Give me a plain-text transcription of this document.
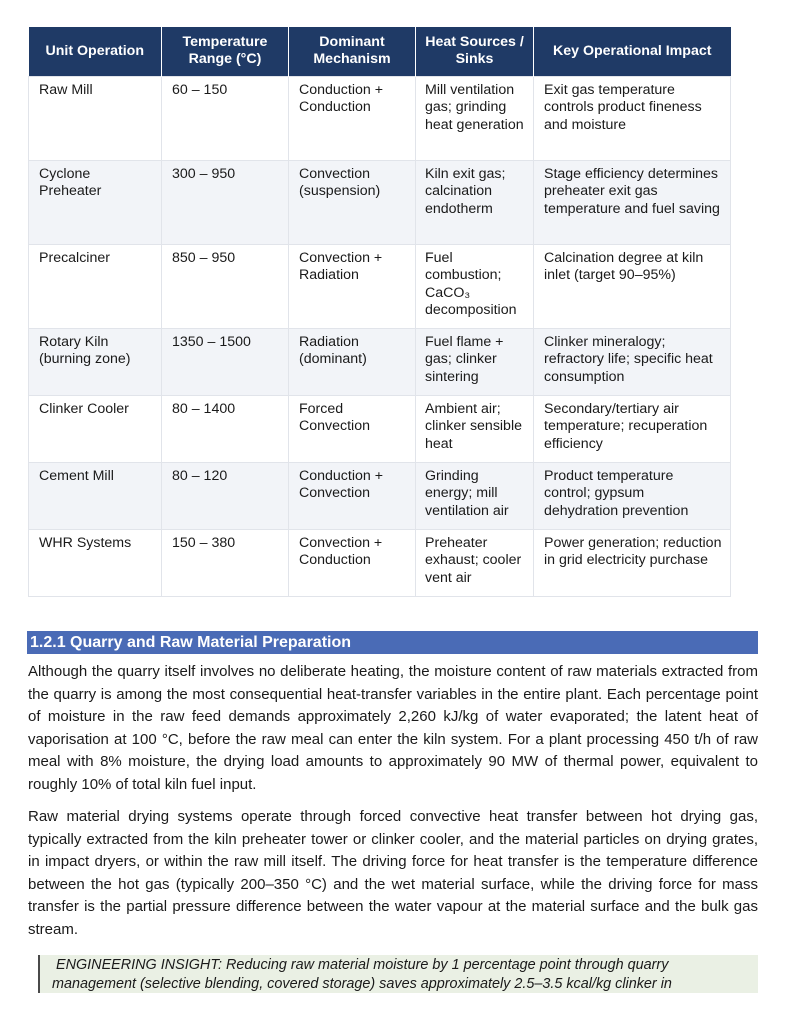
Unit Operation	Temperature Range (°C)	Dominant Mechanism	Heat Sources / Sinks	Key Operational Impact
Raw Mill	60 – 150	Conduction + Conduction	Mill ventilation gas; grinding heat generation	Exit gas temperature controls product fineness and moisture
Cyclone Preheater	300 – 950	Convection (suspension)	Kiln exit gas; calcination endotherm	Stage efficiency determines preheater exit gas temperature and fuel saving
Precalciner	850 – 950	Convection + Radiation	Fuel combustion; CaCO₃ decomposition	Calcination degree at kiln inlet (target 90–95%)
Rotary Kiln (burning zone)	1350 – 1500	Radiation (dominant)	Fuel flame + gas; clinker sintering	Clinker mineralogy; refractory life; specific heat consumption
Clinker Cooler	80 – 1400	Forced Convection	Ambient air; clinker sensible heat	Secondary/tertiary air temperature; recuperation efficiency
Cement Mill	80 – 120	Conduction + Convection	Grinding energy; mill ventilation air	Product temperature control; gypsum dehydration prevention
WHR Systems	150 – 380	Convection + Conduction	Preheater exhaust; cooler vent air	Power generation; reduction in grid electricity purchase
1.2.1 Quarry and Raw Material Preparation

Although the quarry itself involves no deliberate heating, the moisture content of raw materials extracted from the quarry is among the most consequential heat-transfer variables in the entire plant. Each percentage point of moisture in the raw feed demands approximately 2,260 kJ/kg of water evaporated; the latent heat of vaporisation at 100 °C, before the raw meal can enter the kiln system. For a plant processing 450 t/h of raw meal with 8% moisture, the drying load amounts to approximately 90 MW of thermal power, equivalent to roughly 10% of total kiln fuel input.

Raw material drying systems operate through forced convective heat transfer between hot drying gas, typically extracted from the kiln preheater tower or clinker cooler, and the material particles on drying grates, in impact dryers, or within the raw mill itself. The driving force for heat transfer is the temperature difference between the hot gas (typically 200–350 °C) and the wet material surface, while the driving force for mass transfer is the partial pressure difference between the water vapour at the material surface and the bulk gas stream.

ENGINEERING INSIGHT: Reducing raw material moisture by 1 percentage point through quarry management (selective blending, covered storage) saves approximately 2.5–3.5 kcal/kg clinker in
